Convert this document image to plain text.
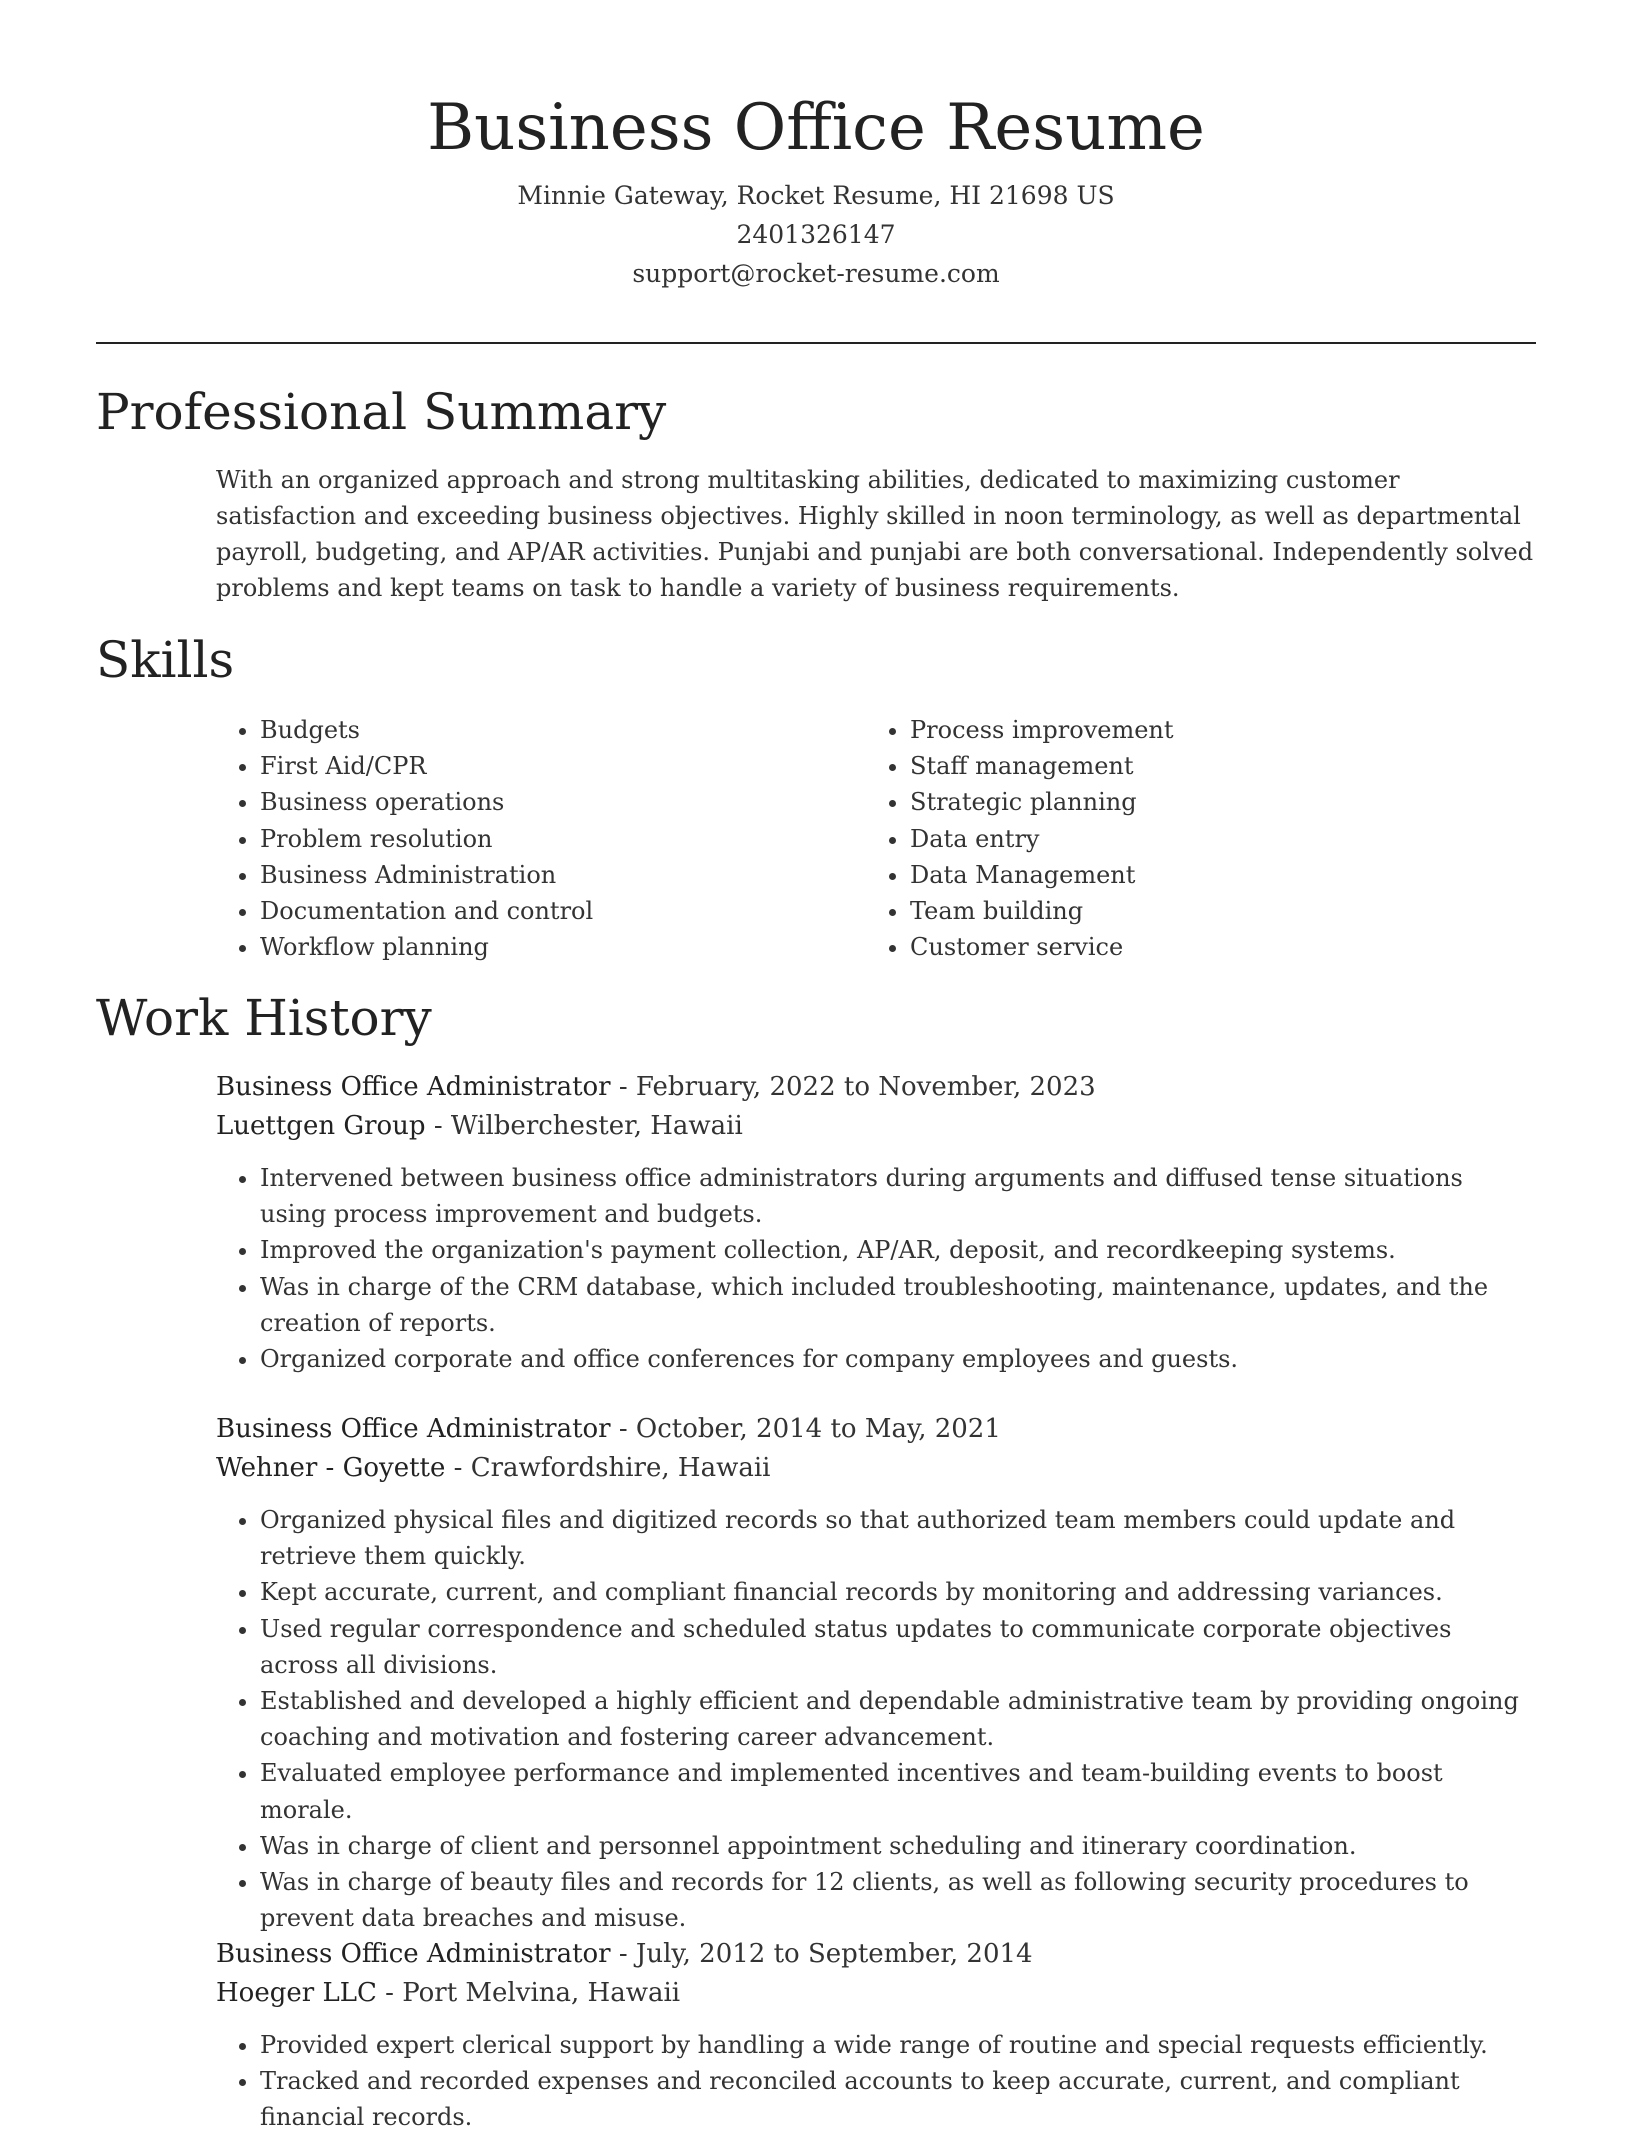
Business Office Resume
Minnie Gateway, Rocket Resume, HI 21698 US
2401326147
support@rocket-resume.com
Professional Summary
With an organized approach and strong multitasking abilities, dedicated to maximizing customer satisfaction and exceeding business objectives. Highly skilled in noon terminology, as well as departmental payroll, budgeting, and AP/AR activities. Punjabi and punjabi are both conversational. Independently solved problems and kept teams on task to handle a variety of business requirements.
Skills
• Budgets
• First Aid/CPR
• Business operations
• Problem resolution
• Business Administration
• Documentation and control
• Workflow planning
• Process improvement
• Staff management
• Strategic planning
• Data entry
• Data Management
• Team building
• Customer service
Work History
Business Office Administrator - February, 2022 to November, 2023
Luettgen Group - Wilberchester, Hawaii
• Intervened between business office administrators during arguments and diffused tense situations using process improvement and budgets.
• Improved the organization's payment collection, AP/AR, deposit, and recordkeeping systems.
• Was in charge of the CRM database, which included troubleshooting, maintenance, updates, and the creation of reports.
• Organized corporate and office conferences for company employees and guests.
Business Office Administrator - October, 2014 to May, 2021
Wehner - Goyette - Crawfordshire, Hawaii
• Organized physical files and digitized records so that authorized team members could update and retrieve them quickly.
• Kept accurate, current, and compliant financial records by monitoring and addressing variances.
• Used regular correspondence and scheduled status updates to communicate corporate objectives across all divisions.
• Established and developed a highly efficient and dependable administrative team by providing ongoing coaching and motivation and fostering career advancement.
• Evaluated employee performance and implemented incentives and team-building events to boost morale.
• Was in charge of client and personnel appointment scheduling and itinerary coordination.
• Was in charge of beauty files and records for 12 clients, as well as following security procedures to prevent data breaches and misuse.
Business Office Administrator - July, 2012 to September, 2014
Hoeger LLC - Port Melvina, Hawaii
• Provided expert clerical support by handling a wide range of routine and special requests efficiently.
• Tracked and recorded expenses and reconciled accounts to keep accurate, current, and compliant financial records.
